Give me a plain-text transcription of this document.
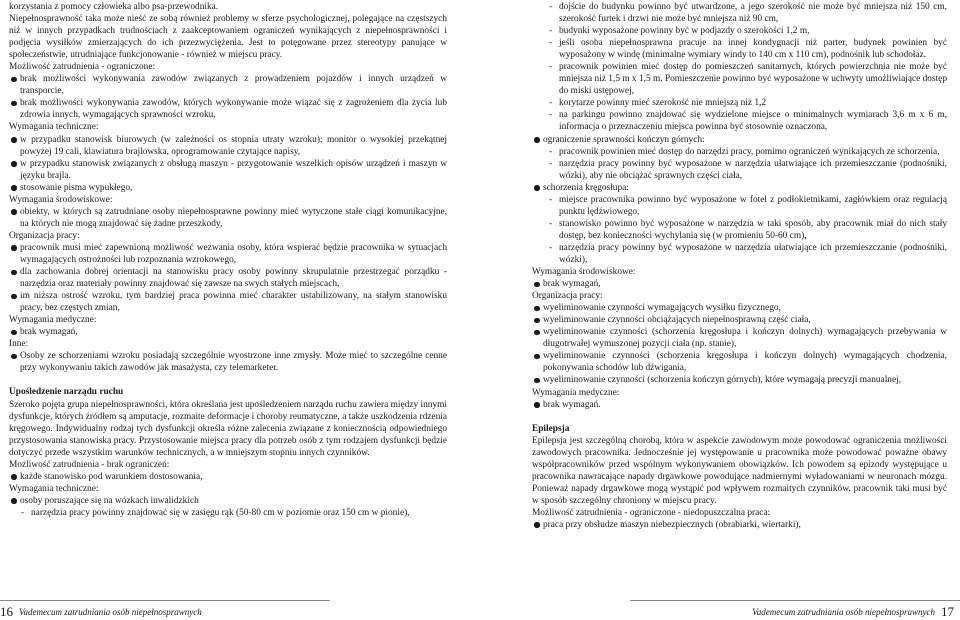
korzystania z pomocy człowieka albo psa-przewodnika.

Niepełnosprawność taka może nieść ze sobą również problemy w sferze psychologicznej, polegające na częstszych niż w innych przypadkach trudnościach z zaakceptowaniem ograniczeń wynikających z niepełnosprawności i podjęcia wysiłków zmierzających do ich przezwyciężenia. Jest to potęgowane przez stereotypy panujące w społeczeństwie, utrudniające funkcjonowanie - również w miejscu pracy.

Możliwość zatrudnienia - ograniczone:

brak możliwości wykonywania zawodów związanych z prowadzeniem pojazdów i innych urządzeń w transporcie,

brak możliwości wykonywania zawodów, których wykonywanie może wiązać się z zagrożeniem dla życia lub zdrowia innych, wymagających sprawności wzroku,

Wymagania techniczne:

w przypadku stanowisk biurowych (w zależności os stopnia utraty wzroku): monitor o wysokiej przekątnej powyżej 19 cali, klawiatura brajlowska, oprogramowanie czytające napisy,

w przypadku stanowisk związanych z obsługą maszyn - przygotowanie wszelkich opisów urządzeń i maszyn w języku brajla.

stosowanie pisma wypukłego,

Wymagania środowiskowe:

obiekty, w których są zatrudniane osoby niepełnosprawne powinny mieć wytyczone stałe ciągi komunikacyjne, na których nie mogą znajdować się żadne przeszkody,

Organizacja pracy:

pracownik musi mieć zapewnioną możliwość wezwania osoby, która wspierać będzie pracownika w sytuacjach wymagających ostrożności lub rozpoznania wzrokowego,

dla zachowania dobrej orientacji na stanowisku pracy osoby powinny skrupulatnie przestrzegać porządku - narzędzia oraz materiały powinny znajdować się zawsze na swych stałych miejscach,

im niższa ostrość wzroku, tym bardziej praca powinna mieć charakter ustabilizowany, na stałym stanowisku pracy, bez częstych zmian,

Wymagania medyczne:

brak wymagań,

Inne:

Osoby ze schorzeniami wzroku posiadają szczególnie wyostrzone inne zmysły. Może mieć to szczególne cenne przy wykonywaniu takich zawodów jak masażysta, czy telemarketer.

Upośledzenie narządu ruchu

Szeroko pojęta grupa niepełnosprawności, która określana jest upośledzeniem narządu ruchu zawiera między innymi dysfunkcje, których źródłem są amputacje, rozmaite deformacje i choroby reumatyczne, a także uszkodzenia rdzenia kręgowego. Indywidualny rodzaj tych dysfunkcji określa różne zalecenia związane z koniecznością odpowiedniego przystosowania stanowiska pracy. Przystosowanie miejsca pracy dla potrzeb osób z tym rodzajem dysfunkcji będzie dotyczyć przede wszystkim warunków technicznych, a w mniejszym stopniu innych czynników.

Możliwość zatrudnienia - brak ograniczeń:

każde stanowisko pod warunkiem dostosowania,

Wymagania techniczne:

osoby poruszające się na wózkach inwalidzkich

- narzędzia pracy powinny znajdować się w zasięgu rąk (50-80 cm w poziomie oraz 150 cm w pionie),

- dojście do budynku powinno być utwardzone, a jego szerokość nie może być mniejsza niż 150 cm, szerokość furtek i drzwi nie może być mniejsza niż 90 cm,

- budynki wyposażone powinny być w podjazdy o szerokości 1,2 m,

- jeśli osoba niepełnosprawna pracuje na innej kondygnacji niż parter, budynek powinien być wyposażony w windę (minimalne wymiary windy to 140 cm x 110 cm), podnośnik lub schodołaz.

- pracownik powinien mieć dostęp do pomieszczeń sanitarnych, których powierzchnia nie może być mniejsza niż 1,5 m x 1,5 m. Pomieszczenie powinno być wyposażone w uchwyty umożliwiające dostęp do miski ustępowej,

- korytarze powinny mieć szerokość nie mniejszą niż 1,2

- na parkingu powinno znajdować się wydzielone miejsce o minimalnych wymiarach 3,6 m x 6 m, informacja o przeznaczeniu miejsca powinna być stosownie oznaczona,

ograniczenie sprawności kończyn górnych:

- pracownik powinien mieć dostęp do narzędzi pracy, pomimo ograniczeń wynikających ze schorzenia,

- narzędzia pracy powinny być wyposażone w narzędzia ułatwiające ich przemieszczanie (podnośniki, wózki), aby nie obciążać sprawnych części ciała,

schorzenia kręgosłupa:

- miejsce pracownika powinno być wyposażone w fotel z podłokietnikami, zagłówkiem oraz regulacją punktu lędźwiowego,

- stanowisko powinno być wyposażone w narzędzia w taki sposób, aby pracownik miał do nich stały dostęp, bez konieczności wychylania się (w promieniu 50-60 cm),

- narzędzia pracy powinny być wyposażone w narzędzia ułatwiające ich przemieszczanie (podnośniki, wózki),

Wymagania środowiskowe:

brak wymagań,

Organizacja pracy:

wyeliminowanie czynności wymagających wysiłku fizycznego,

wyeliminowanie czynności obciążających niepełnosprawną część ciała,

wyeliminowanie czynności (schorzenia kręgosłupa i kończyn dolnych) wymagających przebywania w długotrwałej wymuszonej pozycji ciała (np. stanie),

wyeliminowanie czynności (schorzenia kręgosłupa i kończyn dolnych) wymagających chodzenia, pokonywania schodów lub dźwigania,

wyeliminowanie czynności (schorzenia kończyn górnych), które wymagają precyzji manualnej,

Wymagania medyczne:

brak wymagań.

Epilepsja

Epilepsja jest szczególną chorobą, która w aspekcie zawodowym może powodować ograniczenia możliwości zawodowych pracownika. Jednocześnie jej występowanie u pracownika może powodować poważne obawy współpracowników przed wspólnym wykonywaniem obowiązków. Ich powodem są epizody występujące u pracownika nawracające napady drgawkowe powodujące nadmiernymi wyładowaniami w neuronach mózgu. Ponieważ napady drgawkowe mogą wystąpić pod wpływem rozmaitych czynników, pracownik taki musi być w sposób szczególny chroniony w miejscu pracy.

Możliwość zatrudnienia - ograniczone - niedopuszczalna praca:

praca przy obsłudze maszyn niebezpiecznych (obrabiarki, wiertarki),

16 Vademecum zatrudniania osób niepełnosprawnych	Vademecum zatrudniania osób niepełnosprawnych 17
